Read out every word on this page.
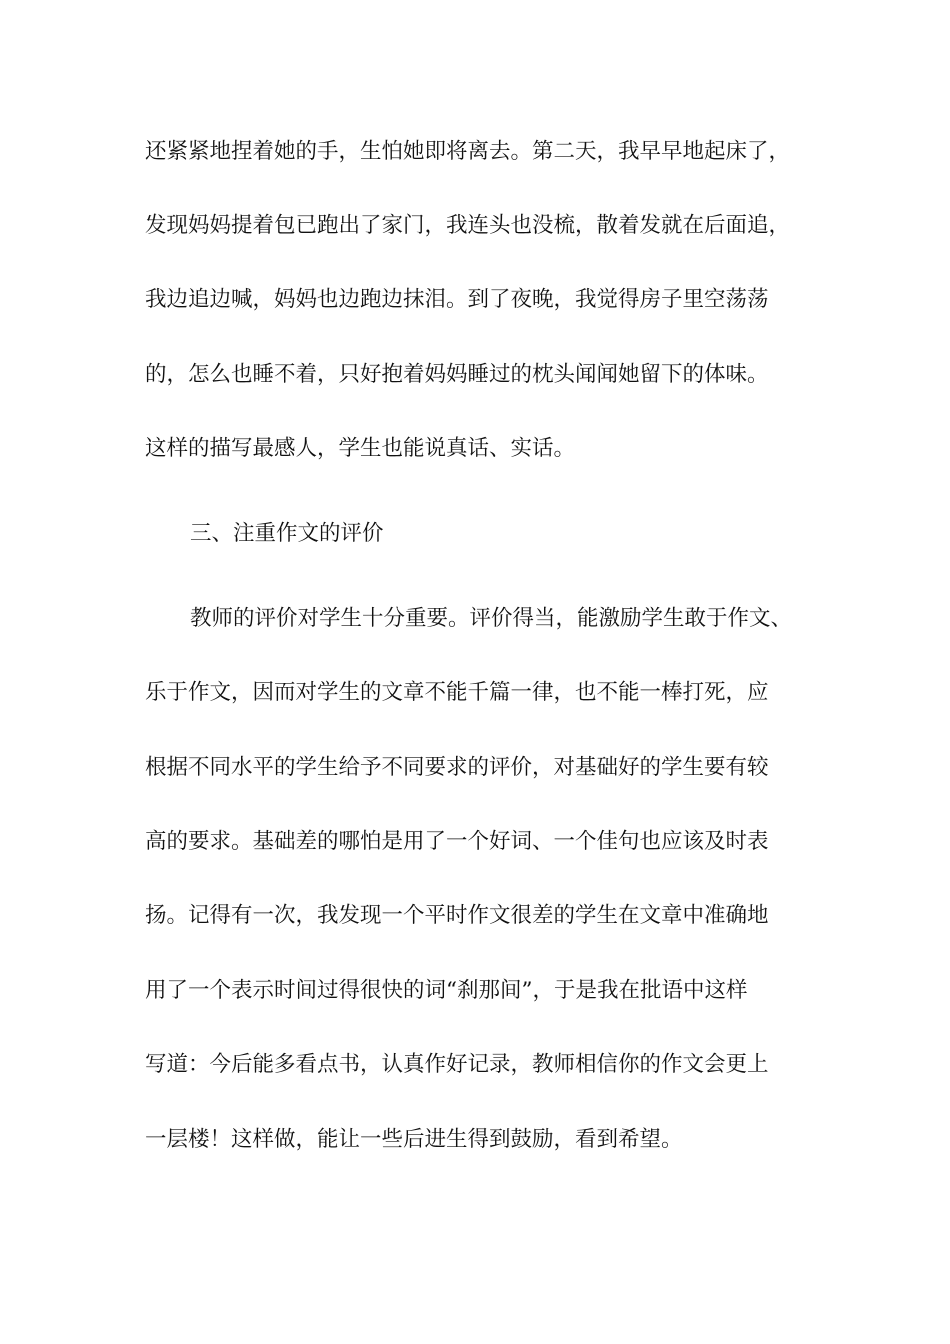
还紧紧地捏着她的手，生怕她即将离去。第二天，我早早地起床了，
发现妈妈提着包已跑出了家门，我连头也没梳，散着发就在后面追，
我边追边喊，妈妈也边跑边抹泪。到了夜晚，我觉得房子里空荡荡
的，怎么也睡不着，只好抱着妈妈睡过的枕头闻闻她留下的体味。
这样的描写最感人，学生也能说真话、实话。
三、注重作文的评价
教师的评价对学生十分重要。评价得当，能激励学生敢于作文、
乐于作文，因而对学生的文章不能千篇一律，也不能一棒打死，应
根据不同水平的学生给予不同要求的评价，对基础好的学生要有较
高的要求。基础差的哪怕是用了一个好词、一个佳句也应该及时表
扬。记得有一次，我发现一个平时作文很差的学生在文章中准确地
用了一个表示时间过得很快的词“刹那间”，于是我在批语中这样
写道：今后能多看点书，认真作好记录，教师相信你的作文会更上
一层楼！这样做，能让一些后进生得到鼓励，看到希望。
